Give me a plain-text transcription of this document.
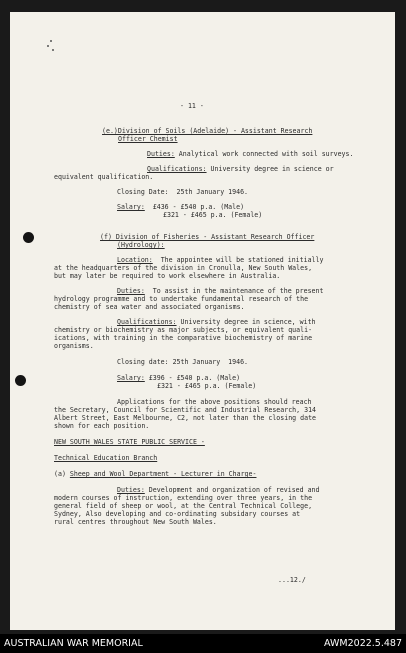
- 11 -

(e.)Division of Soils (Adelaide) - Assistant Research

Officer Chemist

Duties: Analytical work connected with soil surveys.

Qualifications: University degree in science or

equivalent qualification.

Closing Date:  25th January 1946.

Salary: £436 - £540 p.a. (Male)

£321 - £465 p.a. (Female)

(f) Division of Fisheries - Assistant Research Officer

(Hydrology):

Location: The appointee will be stationed initially

at the headquarters of the division in Cronulla, New South Wales,

but may later be required to work elsewhere in Australia.

Duties: To assist in the maintenance of the present

hydrology programme and to undertake fundamental research of the

chemistry of sea water and associated organisms.

Qualifications: University degree in science, with

chemistry or biochemistry as major subjects, or equivalent quali-

ications, with training in the comparative biochemistry of marine

organisms.

Closing date: 25th January  1946.

Salary: £396 - £540 p.a. (Male)

£321 - £465 p.a. (Female)

Applications for the above positions should reach

the Secretary, Council for Scientific and Industrial Research, 314

Albert Street, East Melbourne, C2, not later than the closing date

shown for each position.

NEW SOUTH WALES STATE PUBLIC SERVICE -

Technical Education Branch

(a) Sheep and Wool Department - Lecturer in Charge-

Duties: Development and organization of revised and

modern courses of instruction, extending over three years, in the

general field of sheep or wool, at the Central Technical College,

Sydney, Also developing and co-ordinating subsidary courses at

rural centres throughout New South Wales.

...12./

AUSTRALIAN WAR MEMORIAL	AWM2022.5.487
